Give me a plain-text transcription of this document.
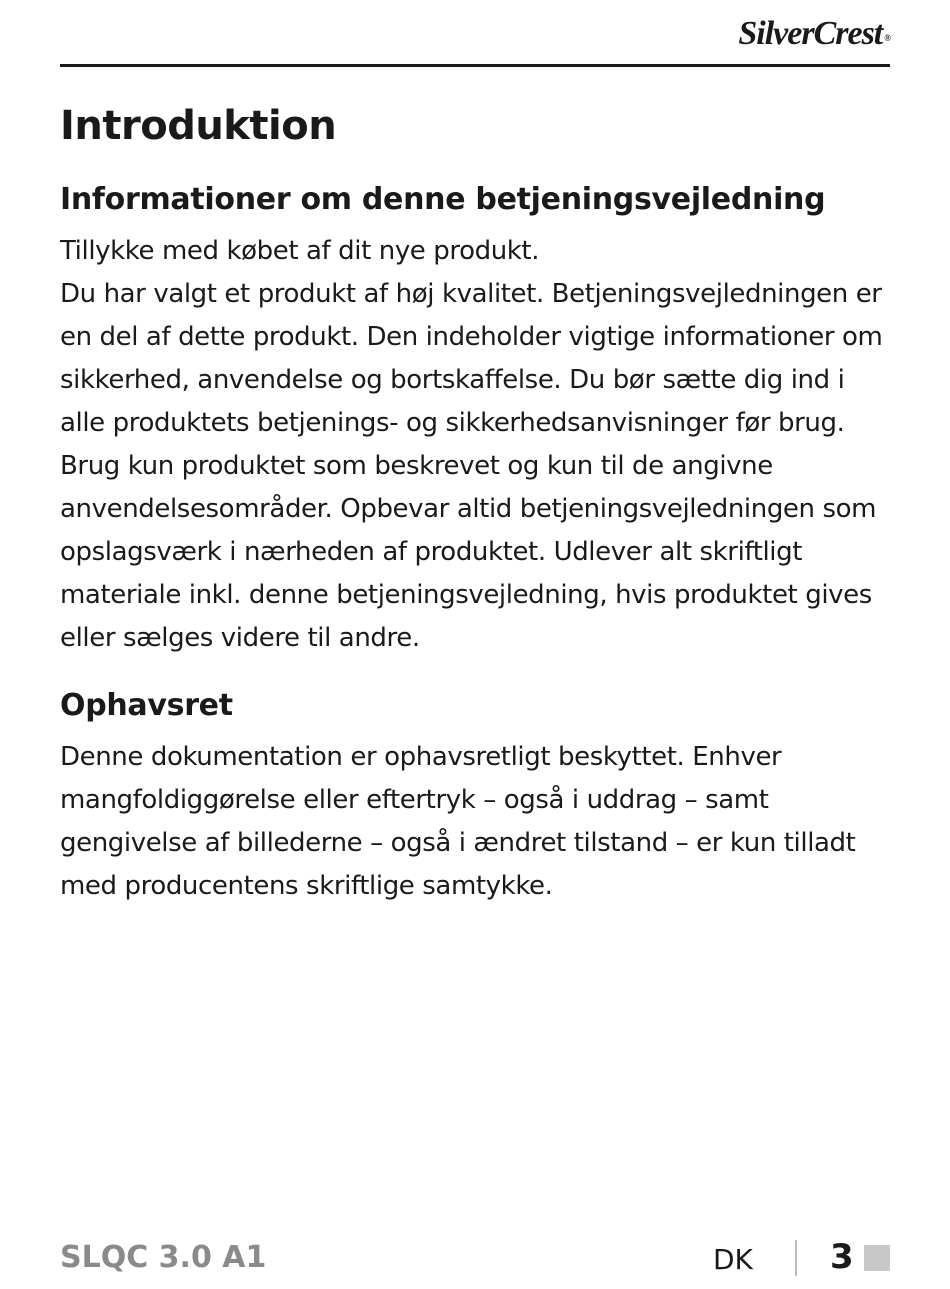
SilverCrest ®
Introduktion
Informationer om denne betjeningsvejledning

Tillykke med købet af dit nye produkt.
Du har valgt et produkt af høj kvalitet. Betjeningsvejledningen er en del af dette produkt. Den indeholder vigtige informationer om sikkerhed, anvendelse og bortskaffelse. Du bør sætte dig ind i alle produktets betjenings- og sikkerhedsanvisninger før brug. Brug kun produktet som beskrevet og kun til de angivne anvendelsesområder. Opbevar altid betjeningsvejledningen som opslagsværk i nærheden af produktet. Udlever alt skriftligt materiale inkl. denne betjeningsvejledning, hvis produktet gives eller sælges videre til andre.

Ophavsret

Denne dokumentation er ophavsretligt beskyttet. Enhver mangfoldiggørelse eller eftertryk – også i uddrag – samt gengivelse af billederne – også i ændret tilstand – er kun tilladt med producentens skriftlige samtykke.

SLQC 3.0 A1	DK 3
